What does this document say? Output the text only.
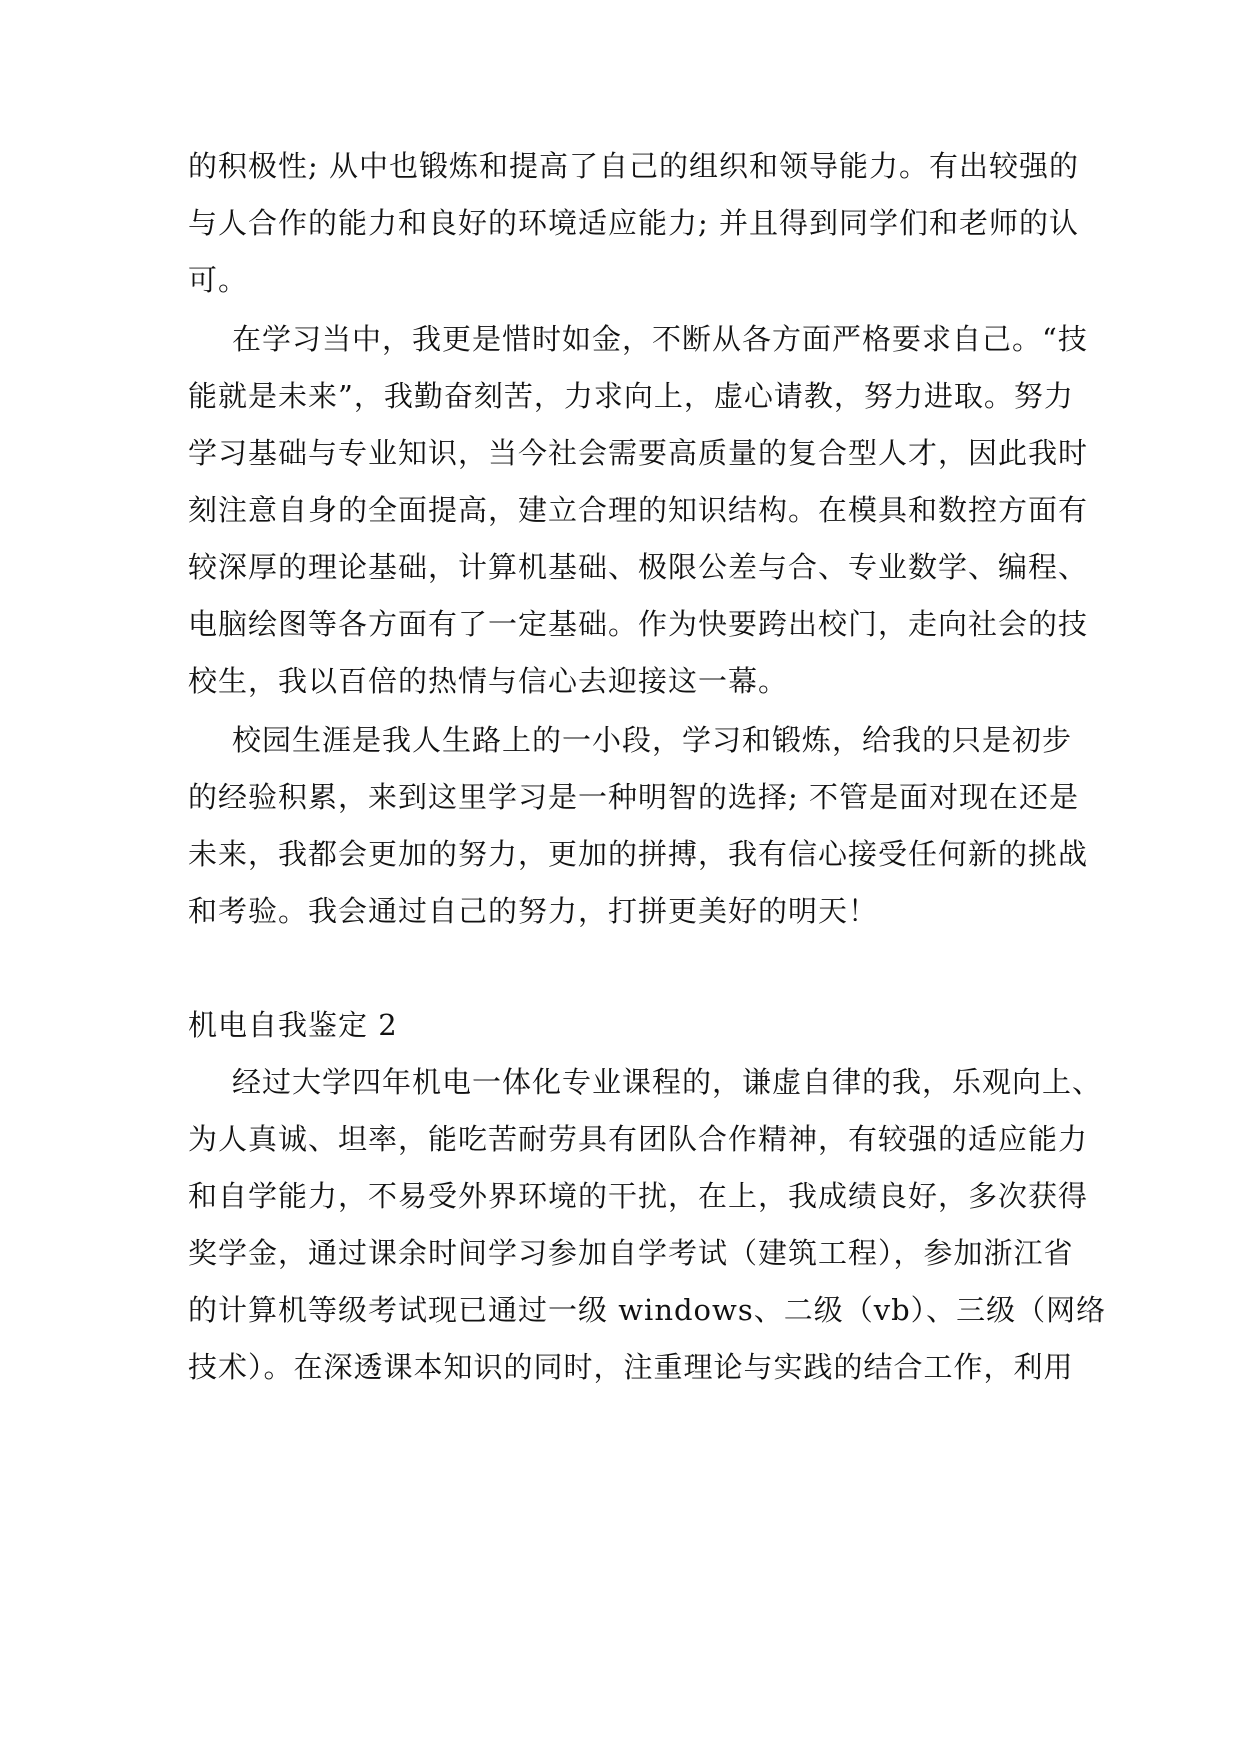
的积极性; 从中也锻炼和提高了自己的组织和领导能力。有出较强的
与人合作的能力和良好的环境适应能力; 并且得到同学们和老师的认
可。
在学习当中，我更是惜时如金，不断从各方面严格要求自己。“技
能就是未来”，我勤奋刻苦，力求向上，虚心请教，努力进取。努力
学习基础与专业知识，当今社会需要高质量的复合型人才，因此我时
刻注意自身的全面提高，建立合理的知识结构。在模具和数控方面有
较深厚的理论基础，计算机基础、极限公差与合、专业数学、编程、
电脑绘图等各方面有了一定基础。作为快要跨出校门，走向社会的技
校生，我以百倍的热情与信心去迎接这一幕。
校园生涯是我人生路上的一小段，学习和锻炼，给我的只是初步
的经验积累，来到这里学习是一种明智的选择; 不管是面对现在还是
未来，我都会更加的努力，更加的拼搏，我有信心接受任何新的挑战
和考验。我会通过自己的努力，打拼更美好的明天！
机电自我鉴定 2
经过大学四年机电一体化专业课程的，谦虚自律的我，乐观向上、
为人真诚、坦率，能吃苦耐劳具有团队合作精神，有较强的适应能力
和自学能力，不易受外界环境的干扰，在上，我成绩良好，多次获得
奖学金，通过课余时间学习参加自学考试（建筑工程），参加浙江省
的计算机等级考试现已通过一级 windows、二级（vb）、三级（网络
技术）。在深透课本知识的同时，注重理论与实践的结合工作，利用
